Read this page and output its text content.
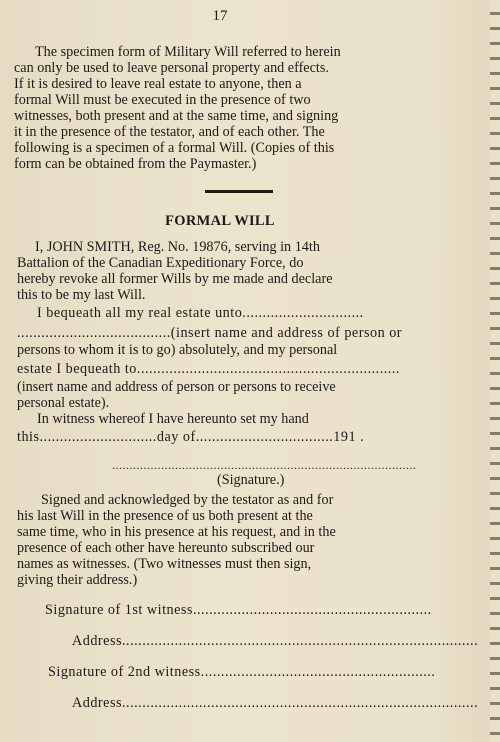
17
The specimen form of Military Will referred to herein
can only be used to leave personal property and effects.
If it is desired to leave real estate to anyone, then a
formal Will must be executed in the presence of two
witnesses, both present and at the same time, and signing
it in the presence of the testator, and of each other. The
following is a specimen of a formal Will. (Copies of this
form can be obtained from the Paymaster.)
FORMAL WILL
I, JOHN SMITH, Reg. No. 19876, serving in 14th
Battalion of the Canadian Expeditionary Force, do
hereby revoke all former Wills by me made and declare
this to be my last Will.
I bequeath all my real estate unto..............................
......................................(insert name and address of person or
persons to whom it is to go) absolutely, and my personal
estate I bequeath to.................................................................
(insert name and address of person or persons to receive
personal estate).
In witness whereof I have hereunto set my hand
this.............................day of..................................191 .
.......................................................................................
(Signature.)
Signed and acknowledged by the testator as and for
his last Will in the presence of us both present at the
same time, who in his presence at his request, and in the
presence of each other have hereunto subscribed our
names as witnesses. (Two witnesses must then sign,
giving their address.)
Signature of 1st witness...........................................................
Address........................................................................................
Signature of 2nd witness..........................................................
Address........................................................................................
